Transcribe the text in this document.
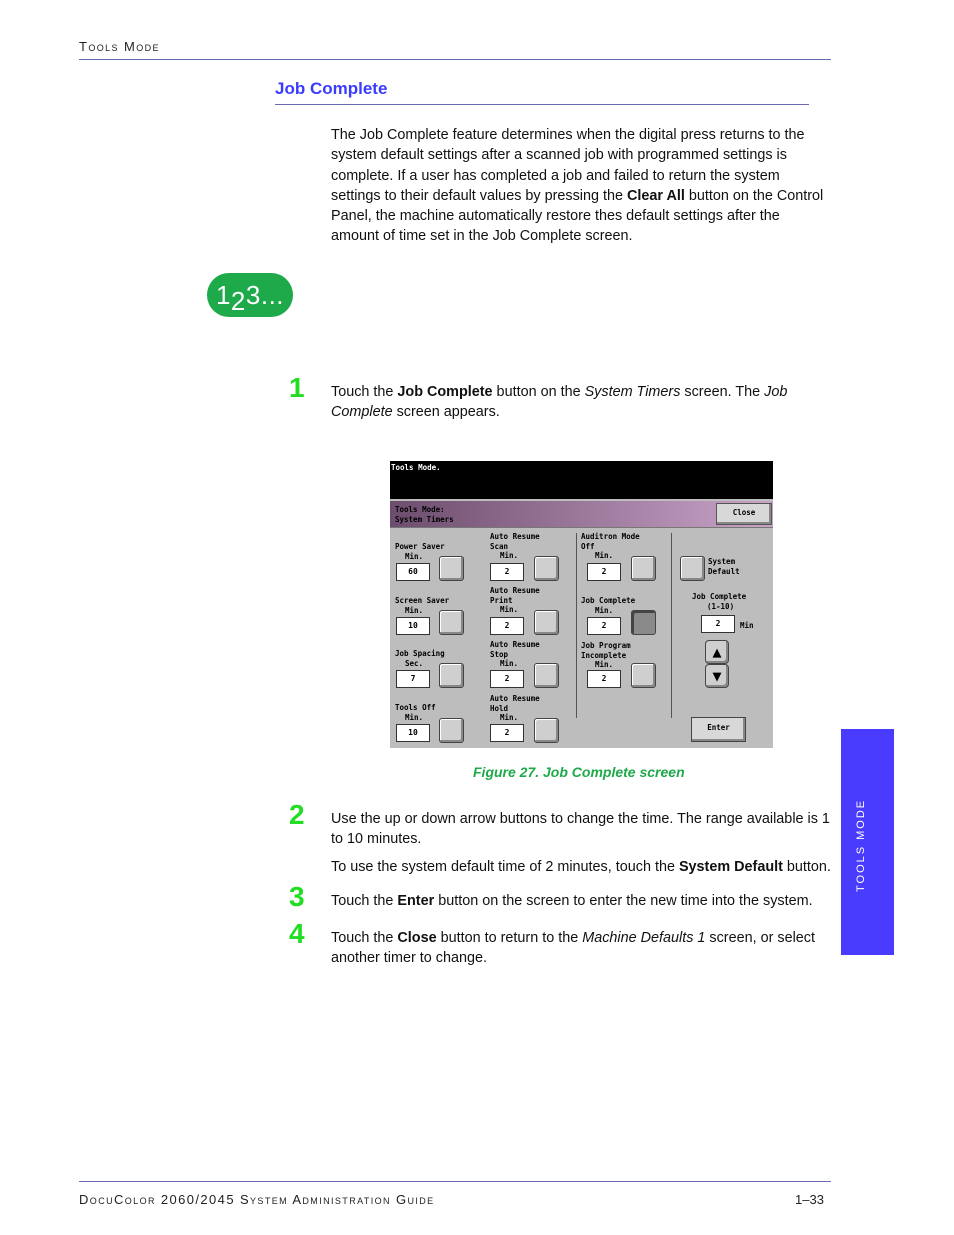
Tools Mode
Job Complete

The Job Complete feature determines when the digital press returns to the system default settings after a scanned job with programmed settings is complete. If a user has completed a job and failed to return the system settings to their default values by pressing the Clear All button on the Control Panel, the machine automatically restore thes default settings after the amount of time set in the Job Complete screen.

123...
1 Touch the Job Complete button on the System Timers screen. The Job Complete screen appears.

Tools Mode.
Tools Mode:
System Timers
Close
Power Saver
Min.
60
Screen Saver
Min.
10
Job Spacing
Sec.
7
Tools Off
Min.
10
Auto Resume
Scan
Min.
2
Auto Resume
Print
Min.
2
Auto Resume
Stop
Min.
2
Auto Resume
Hold
Min.
2
Auditron Mode
Off
Min.
2
Job Complete
Min.
2
Job Program
Incomplete
Min.
2
System
Default
Job Complete
(1-10)
2	Min
▲
▼
Enter
Figure 27. Job Complete screen
2 Use the up or down arrow buttons to change the time. The range available is 1 to 10 minutes.

To use the system default time of 2 minutes, touch the System Default button.

3 Touch the Enter button on the screen to enter the new time into the system.

4 Touch the Close button to return to the Machine Defaults 1 screen, or select another timer to change.

TOOLS MODE
DocuColor 2060/2045 System Administration Guide	1–33
